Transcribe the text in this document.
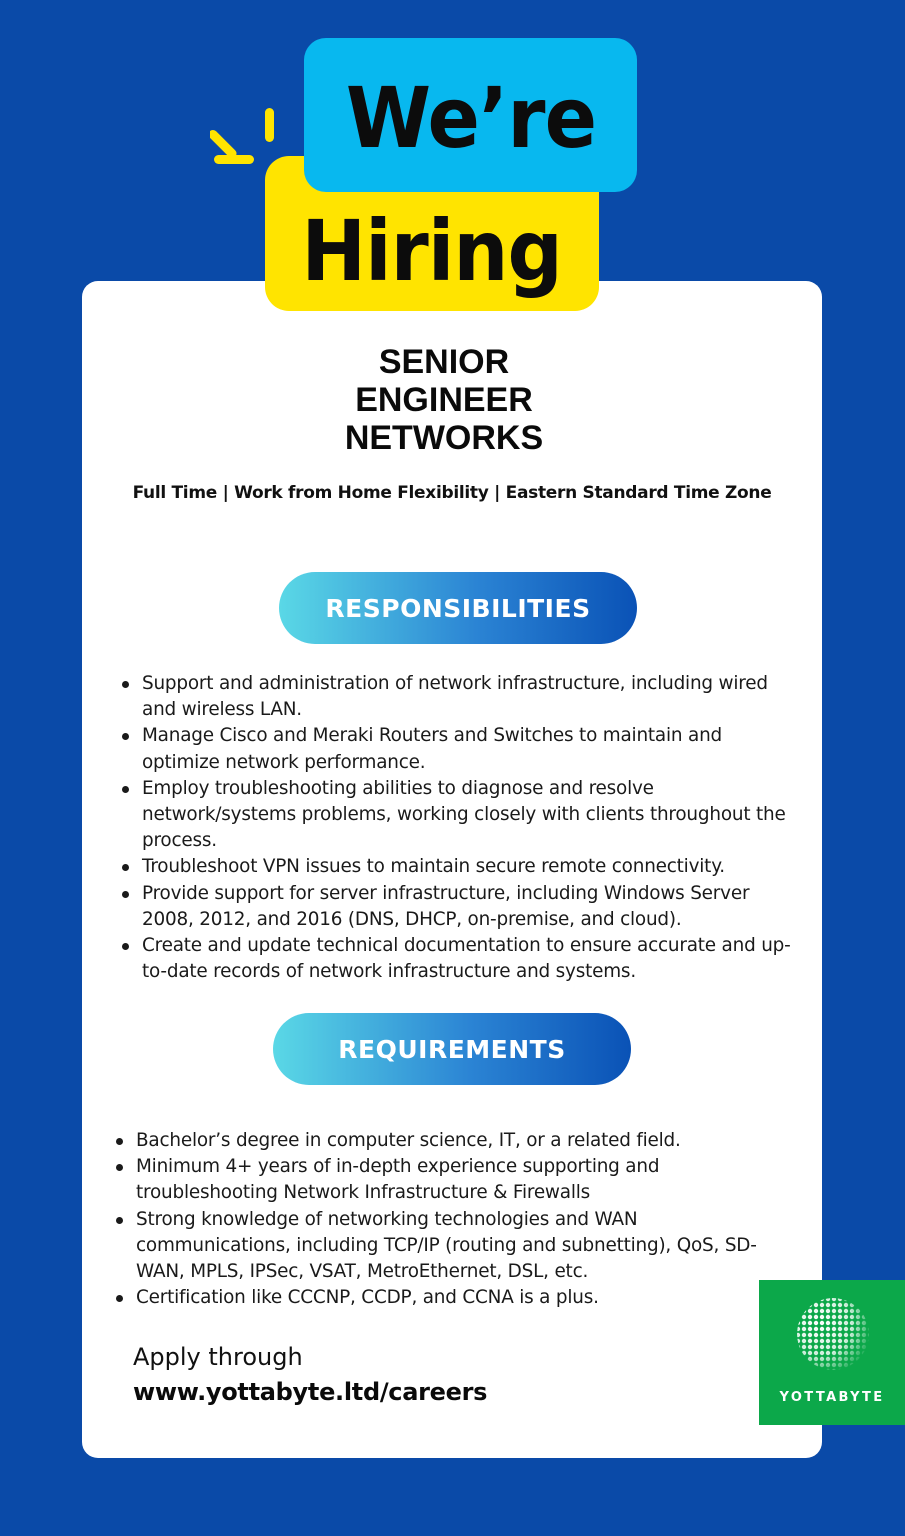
We’re
Hiring
SENIOR
ENGINEER
NETWORKS
Full Time | Work from Home Flexibility | Eastern Standard Time Zone
RESPONSIBILITIES
Support and administration of network infrastructure, including wired and wireless LAN.
Manage Cisco and Meraki Routers and Switches to maintain and optimize network performance.
Employ troubleshooting abilities to diagnose and resolve network/systems problems, working closely with clients throughout the process.
Troubleshoot VPN issues to maintain secure remote connectivity.
Provide support for server infrastructure, including Windows Server 2008, 2012, and 2016 (DNS, DHCP, on-premise, and cloud).
Create and update technical documentation to ensure accurate and up-to-date records of network infrastructure and systems.
REQUIREMENTS
Bachelor’s degree in computer science, IT, or a related field.
Minimum 4+ years of in-depth experience supporting and troubleshooting Network Infrastructure & Firewalls
Strong knowledge of networking technologies and WAN communications, including TCP/IP (routing and subnetting), QoS, SD-WAN, MPLS, IPSec, VSAT, MetroEthernet, DSL, etc.
Certification like CCCNP, CCDP, and CCNA is a plus.
Apply through
www.yottabyte.ltd/careers	YOTTABYTE
